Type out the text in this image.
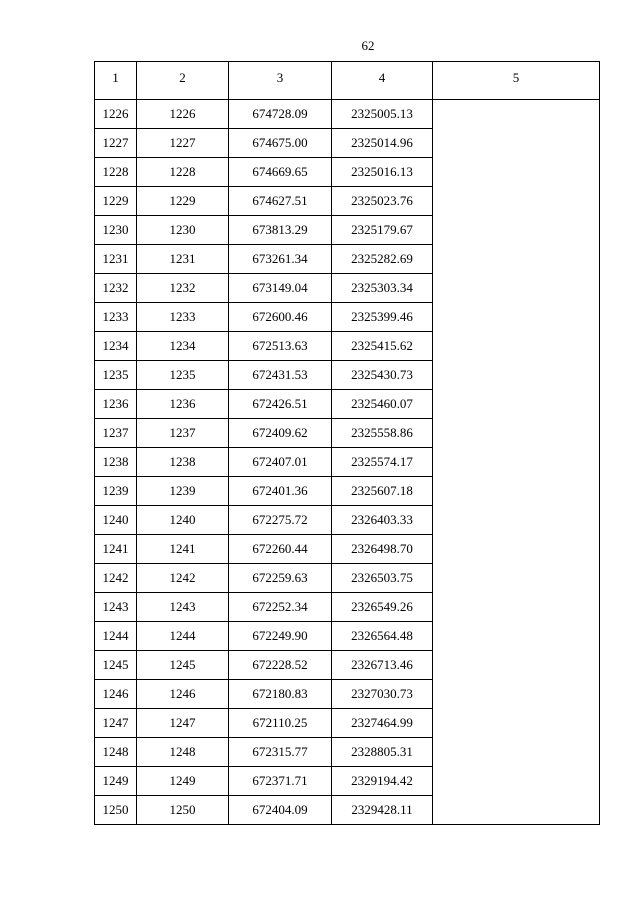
62
1	2	3	4	5
1226	1226	674728.09	2325005.13	
1227	1227	674675.00	2325014.96	
1228	1228	674669.65	2325016.13	
1229	1229	674627.51	2325023.76	
1230	1230	673813.29	2325179.67	
1231	1231	673261.34	2325282.69	
1232	1232	673149.04	2325303.34	
1233	1233	672600.46	2325399.46	
1234	1234	672513.63	2325415.62	
1235	1235	672431.53	2325430.73	
1236	1236	672426.51	2325460.07	
1237	1237	672409.62	2325558.86	
1238	1238	672407.01	2325574.17	
1239	1239	672401.36	2325607.18	
1240	1240	672275.72	2326403.33	
1241	1241	672260.44	2326498.70	
1242	1242	672259.63	2326503.75	
1243	1243	672252.34	2326549.26	
1244	1244	672249.90	2326564.48	
1245	1245	672228.52	2326713.46	
1246	1246	672180.83	2327030.73	
1247	1247	672110.25	2327464.99	
1248	1248	672315.77	2328805.31	
1249	1249	672371.71	2329194.42	
1250	1250	672404.09	2329428.11	
